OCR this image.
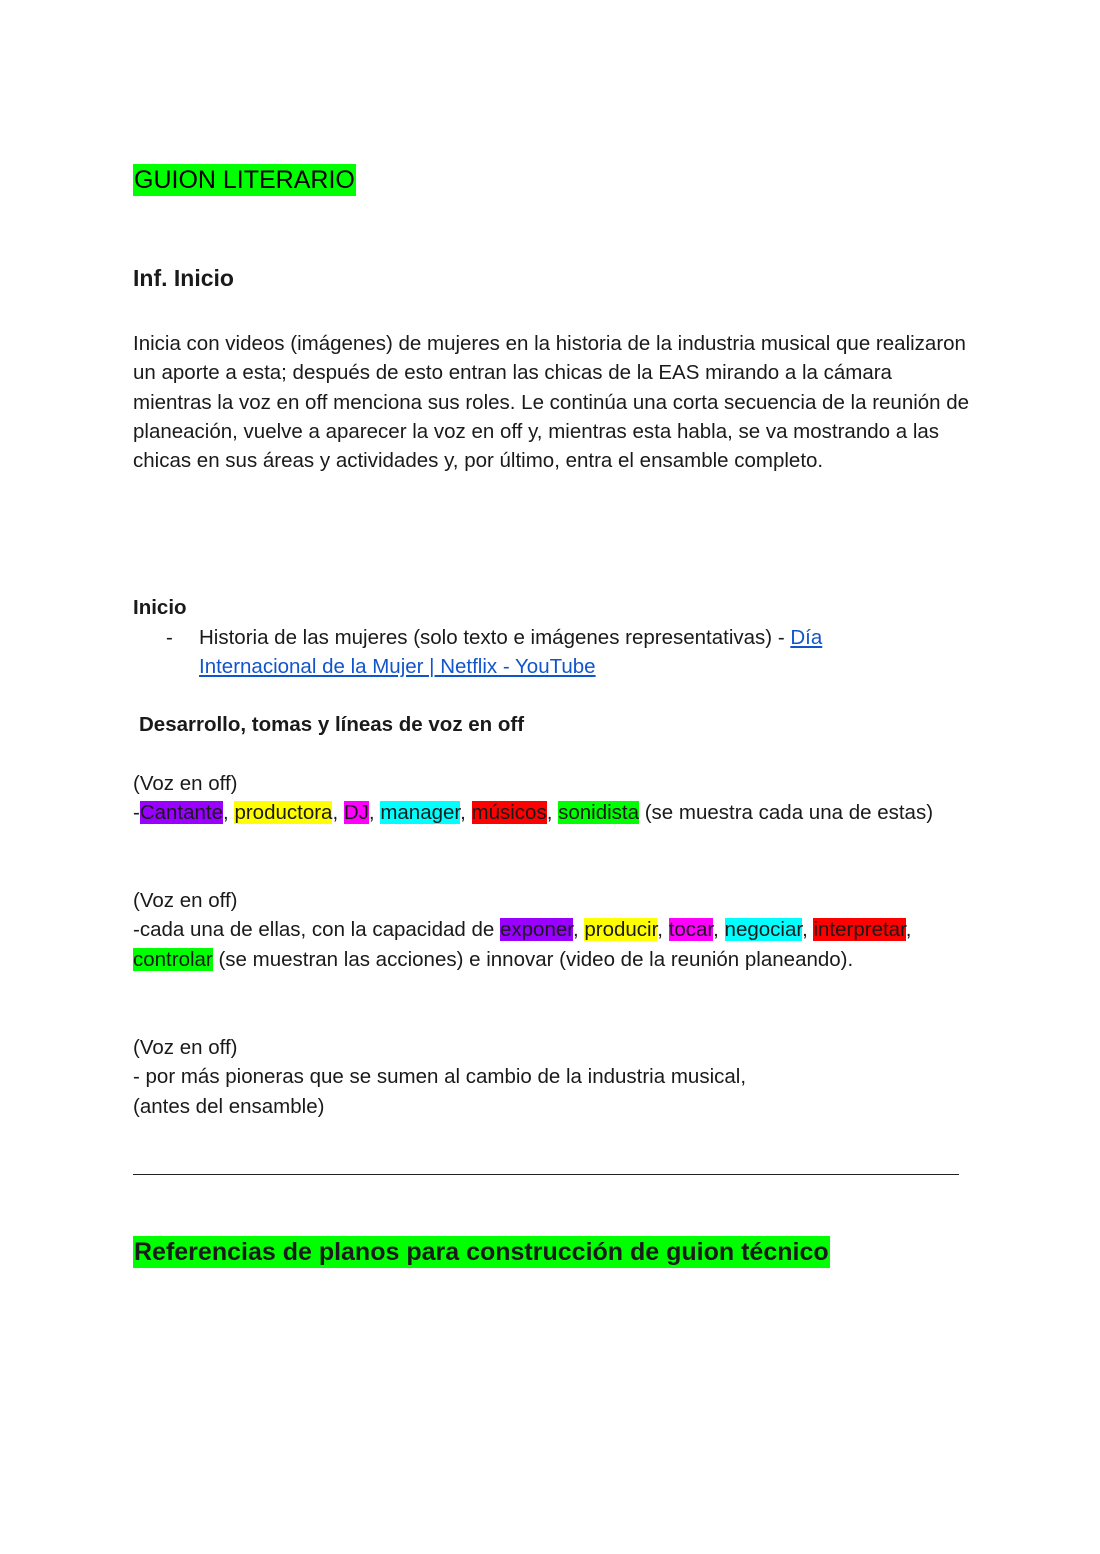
GUION LITERARIO
Inf. Inicio
Inicia con videos (imágenes) de mujeres en la historia de la industria musical que realizaron un aporte a esta; después de esto entran las chicas de la EAS mirando a la cámara mientras la voz en off menciona sus roles. Le continúa una corta secuencia de la reunión de planeación, vuelve a aparecer la voz en off y, mientras esta habla, se va mostrando a las chicas en sus áreas y actividades y, por último, entra el ensamble completo.
Inicio
- Historia de las mujeres (solo texto e imágenes representativas) - Día Internacional de la Mujer | Netflix - YouTube
Desarrollo, tomas y líneas de voz en off
(Voz en off)
-Cantante, productora, DJ, manager, músicos, sonidista (se muestra cada una de estas)
(Voz en off)
-cada una de ellas, con la capacidad de exponer, producir, tocar, negociar, interpretar, controlar (se muestran las acciones) e innovar (video de la reunión planeando).
(Voz en off)
- por más pioneras que se sumen al cambio de la industria musical,
(antes del ensamble)
Referencias de planos para construcción de guion técnico
